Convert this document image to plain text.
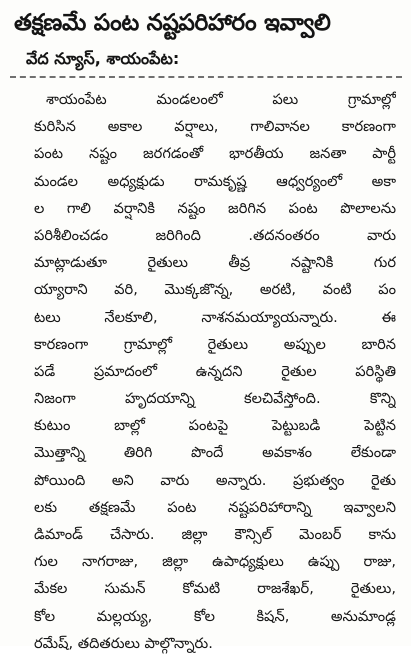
తక్షణమే పంట నష్టపరిహారం ఇవ్వాలి
వేద న్యూస్, శాయంపేట:
శాయంపేట మండలంలో పలు గ్రామాల్లో
కురిసిన అకాల వర్షాలు, గాలివానల కారణంగా
పంట నష్టం జరగడంతో భారతీయ జనతా పార్టీ
మండల అధ్యక్షుడు రామకృష్ణ ఆధ్వర్యంలో అకా
ల గాలి వర్షానికి నష్టం జరిగిన పంట పొలాలను
పరిశీలించడం జరిగింది .తదనంతరం వారు
మాట్లాడుతూ రైతులు తీవ్ర నష్టానికి గుర
య్యారాని వరి, మొక్కజొన్న, అరటి, వంటి పం
టలు నేలకూలి, నాశనమయ్యాయన్నారు. ఈ
కారణంగా గ్రామాల్లో రైతులు అప్పుల బారిన
పడే ప్రమాదంలో ఉన్నదని రైతుల పరిస్థితి
నిజంగా హృదయాన్ని కలచివేస్తోంది. కొన్ని
కుటుం బాల్లో పంటపై పెట్టుబడి పెట్టిన
మొత్తాన్ని తిరిగి పొందే అవకాశం లేకుండా
పోయింది అని వారు అన్నారు. ప్రభుత్వం రైతు
లకు తక్షణమే పంట నష్టపరిహారాన్ని ఇవ్వాలని
డిమాండ్ చేసారు. జిల్లా కౌన్సిల్ మెంబర్ కాను
గుల నాగరాజు, జిల్లా ఉపాధ్యక్షులు ఉప్పు రాజు,
మేకల సుమన్ కోమటి రాజశేఖర్, రైతులు,
కోల మల్లయ్య, కోల కిషన్, అనుమాండ్ల
రమేష్, తదితరులు పాల్గొన్నారు.
